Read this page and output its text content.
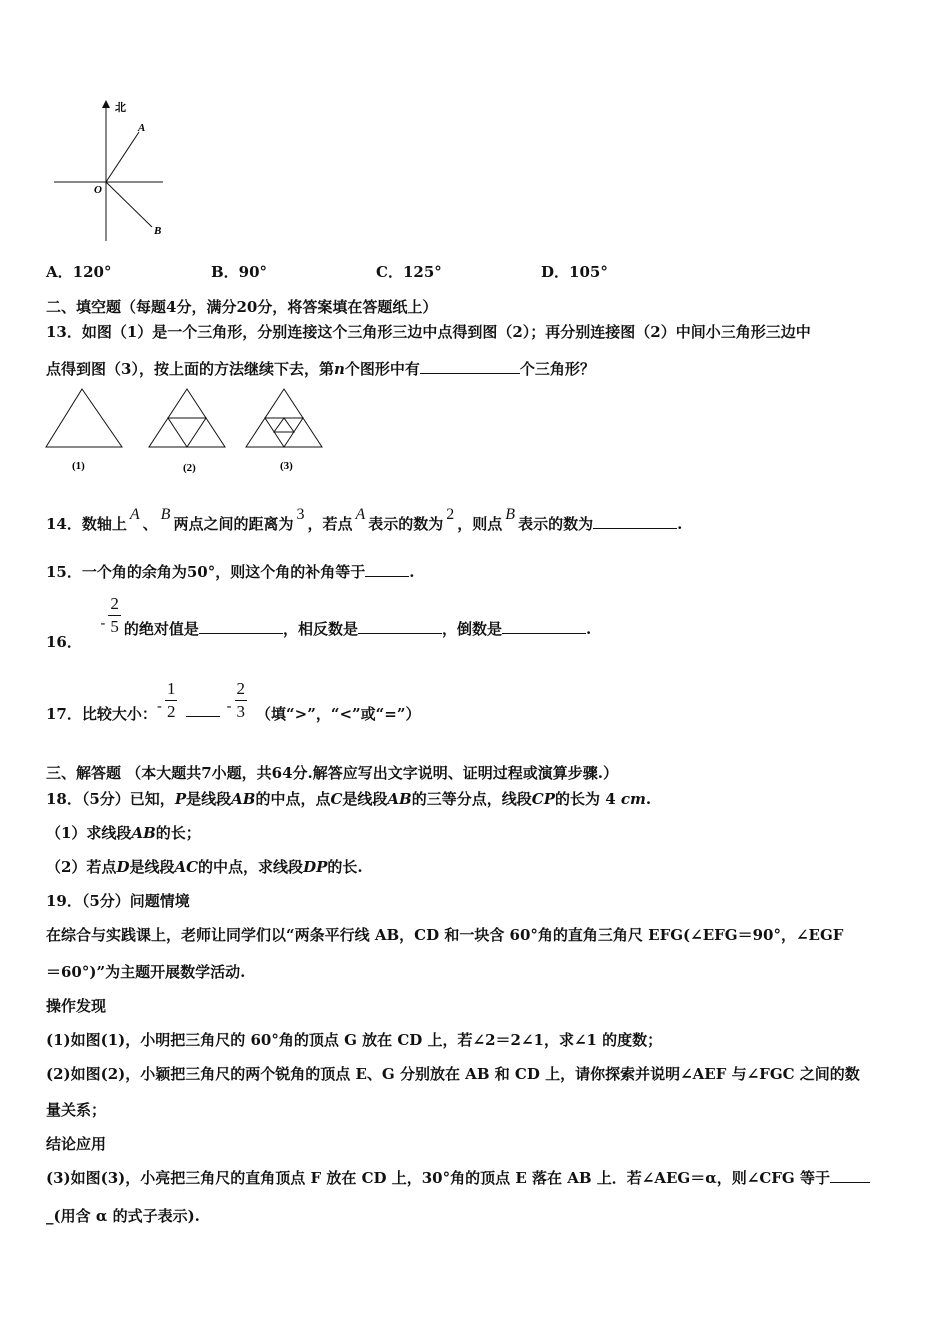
北
A
B
O
A．120°	B．90°	C．125°	D．105°
二、填空题（每题4分，满分20分，将答案填在答题纸上）
13．如图（1）是一个三角形，分别连接这个三角形三边中点得到图（2）；再分别连接图（2）中间小三角形三边中
点得到图（3），按上面的方法继续下去，第n个图形中有	个三角形？
(1)	(2)	(3)
14．数轴上A、B两点之间的距离为3，若点A表示的数为2，则点B表示的数为	.
15．一个角的余角为50°，则这个角的补角等于	.
16．  - $\frac{2}{5}$ 的绝对值是	，相反数是	，倒数是	.
17．比较大小：- $\frac{1}{2}$	- $\frac{2}{3}$ （填“>”，“<”或“=”）
三、解答题 （本大题共7小题，共64分.解答应写出文字说明、证明过程或演算步骤.）
18．（5分）已知，P是线段AB的中点，点C是线段AB的三等分点，线段CP的长为 4 cm.
（1）求线段AB的长；
（2）若点D是线段AC的中点，求线段DP的长.
19．（5分）问题情境
在综合与实践课上，老师让同学们以“两条平行线 AB，CD 和一块含 60°角的直角三角尺 EFG(∠EFG＝90°，∠EGF
＝60°)”为主题开展数学活动.
操作发现
(1)如图(1)，小明把三角尺的 60°角的顶点 G 放在 CD 上，若∠2＝2∠1，求∠1 的度数；
(2)如图(2)，小颖把三角尺的两个锐角的顶点 E、G 分别放在 AB 和 CD 上，请你探索并说明∠AEF 与∠FGC 之间的数
量关系；
结论应用
(3)如图(3)，小亮把三角尺的直角顶点 F 放在 CD 上，30°角的顶点 E 落在 AB 上．若∠AEG＝α，则∠CFG 等于
_(用含 α 的式子表示).
